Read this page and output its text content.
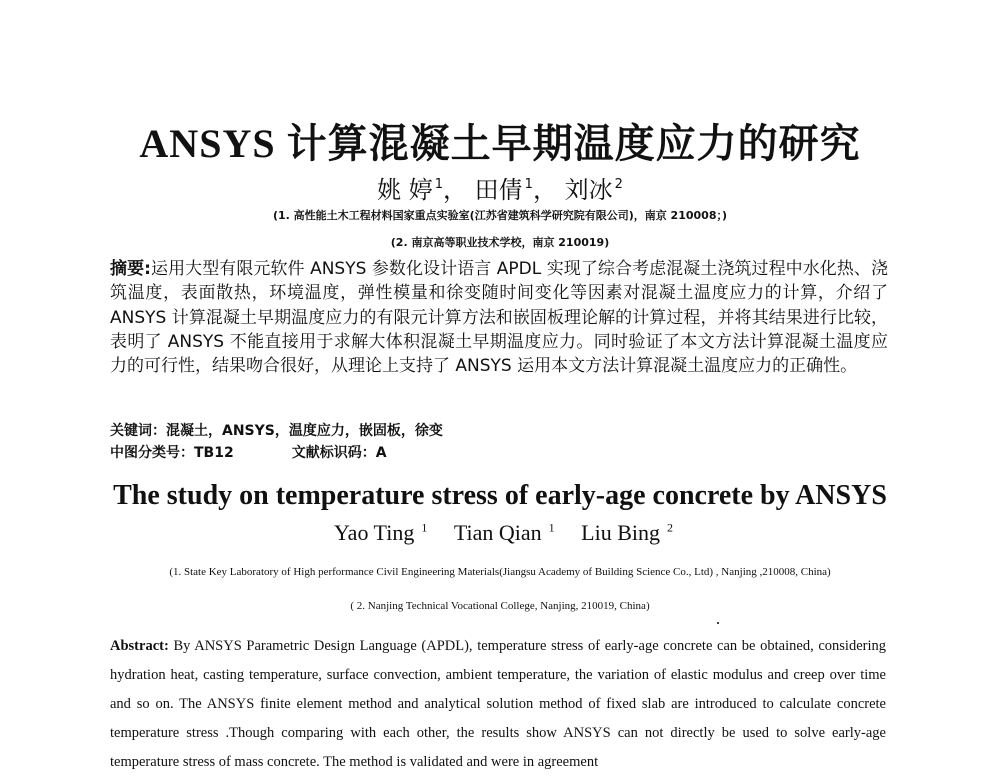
ANSYS 计算混凝土早期温度应力的研究
姚 婷 $^1$， 田倩 $^1$， 刘冰 $^2$
(1. 高性能土木工程材料国家重点实验室(江苏省建筑科学研究院有限公司)，南京 210008；)
(2. 南京高等职业技术学校，南京 210019)
摘要:运用大型有限元软件 ANSYS 参数化设计语言 APDL 实现了综合考虑混凝土浇筑过程中水化热、浇筑温度，表面散热，环境温度，弹性模量和徐变随时间变化等因素对混凝土温度应力的计算，介绍了 ANSYS 计算混凝土早期温度应力的有限元计算方法和嵌固板理论解的计算过程，并将其结果进行比较，表明了 ANSYS 不能直接用于求解大体积混凝土早期温度应力。同时验证了本文方法计算混凝土温度应力的可行性，结果吻合很好，从理论上支持了 ANSYS 运用本文方法计算混凝土温度应力的正确性。
关键词：混凝土，ANSYS，温度应力，嵌固板，徐变
中图分类号：TB12	文献标识码：A
The study on temperature stress of early-age concrete by ANSYS
Yao Ting $^1$ Tian Qian $^1$ Liu Bing $^2$
(1. State Key Laboratory of High performance Civil Engineering Materials(Jiangsu Academy of Building Science Co., Ltd) , Nanjing ,210008, China)
( 2. Nanjing Technical Vocational College, Nanjing, 210019, China)
Abstract: By ANSYS Parametric Design Language (APDL), temperature stress of early-age concrete can be obtained, considering hydration heat, casting temperature, surface convection, ambient temperature, the variation of elastic modulus and creep over time and so on. The ANSYS finite element method and analytical solution method of fixed slab are introduced to calculate concrete temperature stress .Though comparing with each other, the results show ANSYS can not directly be used to solve early-age temperature stress of mass concrete. The method is validated and were in agreement
